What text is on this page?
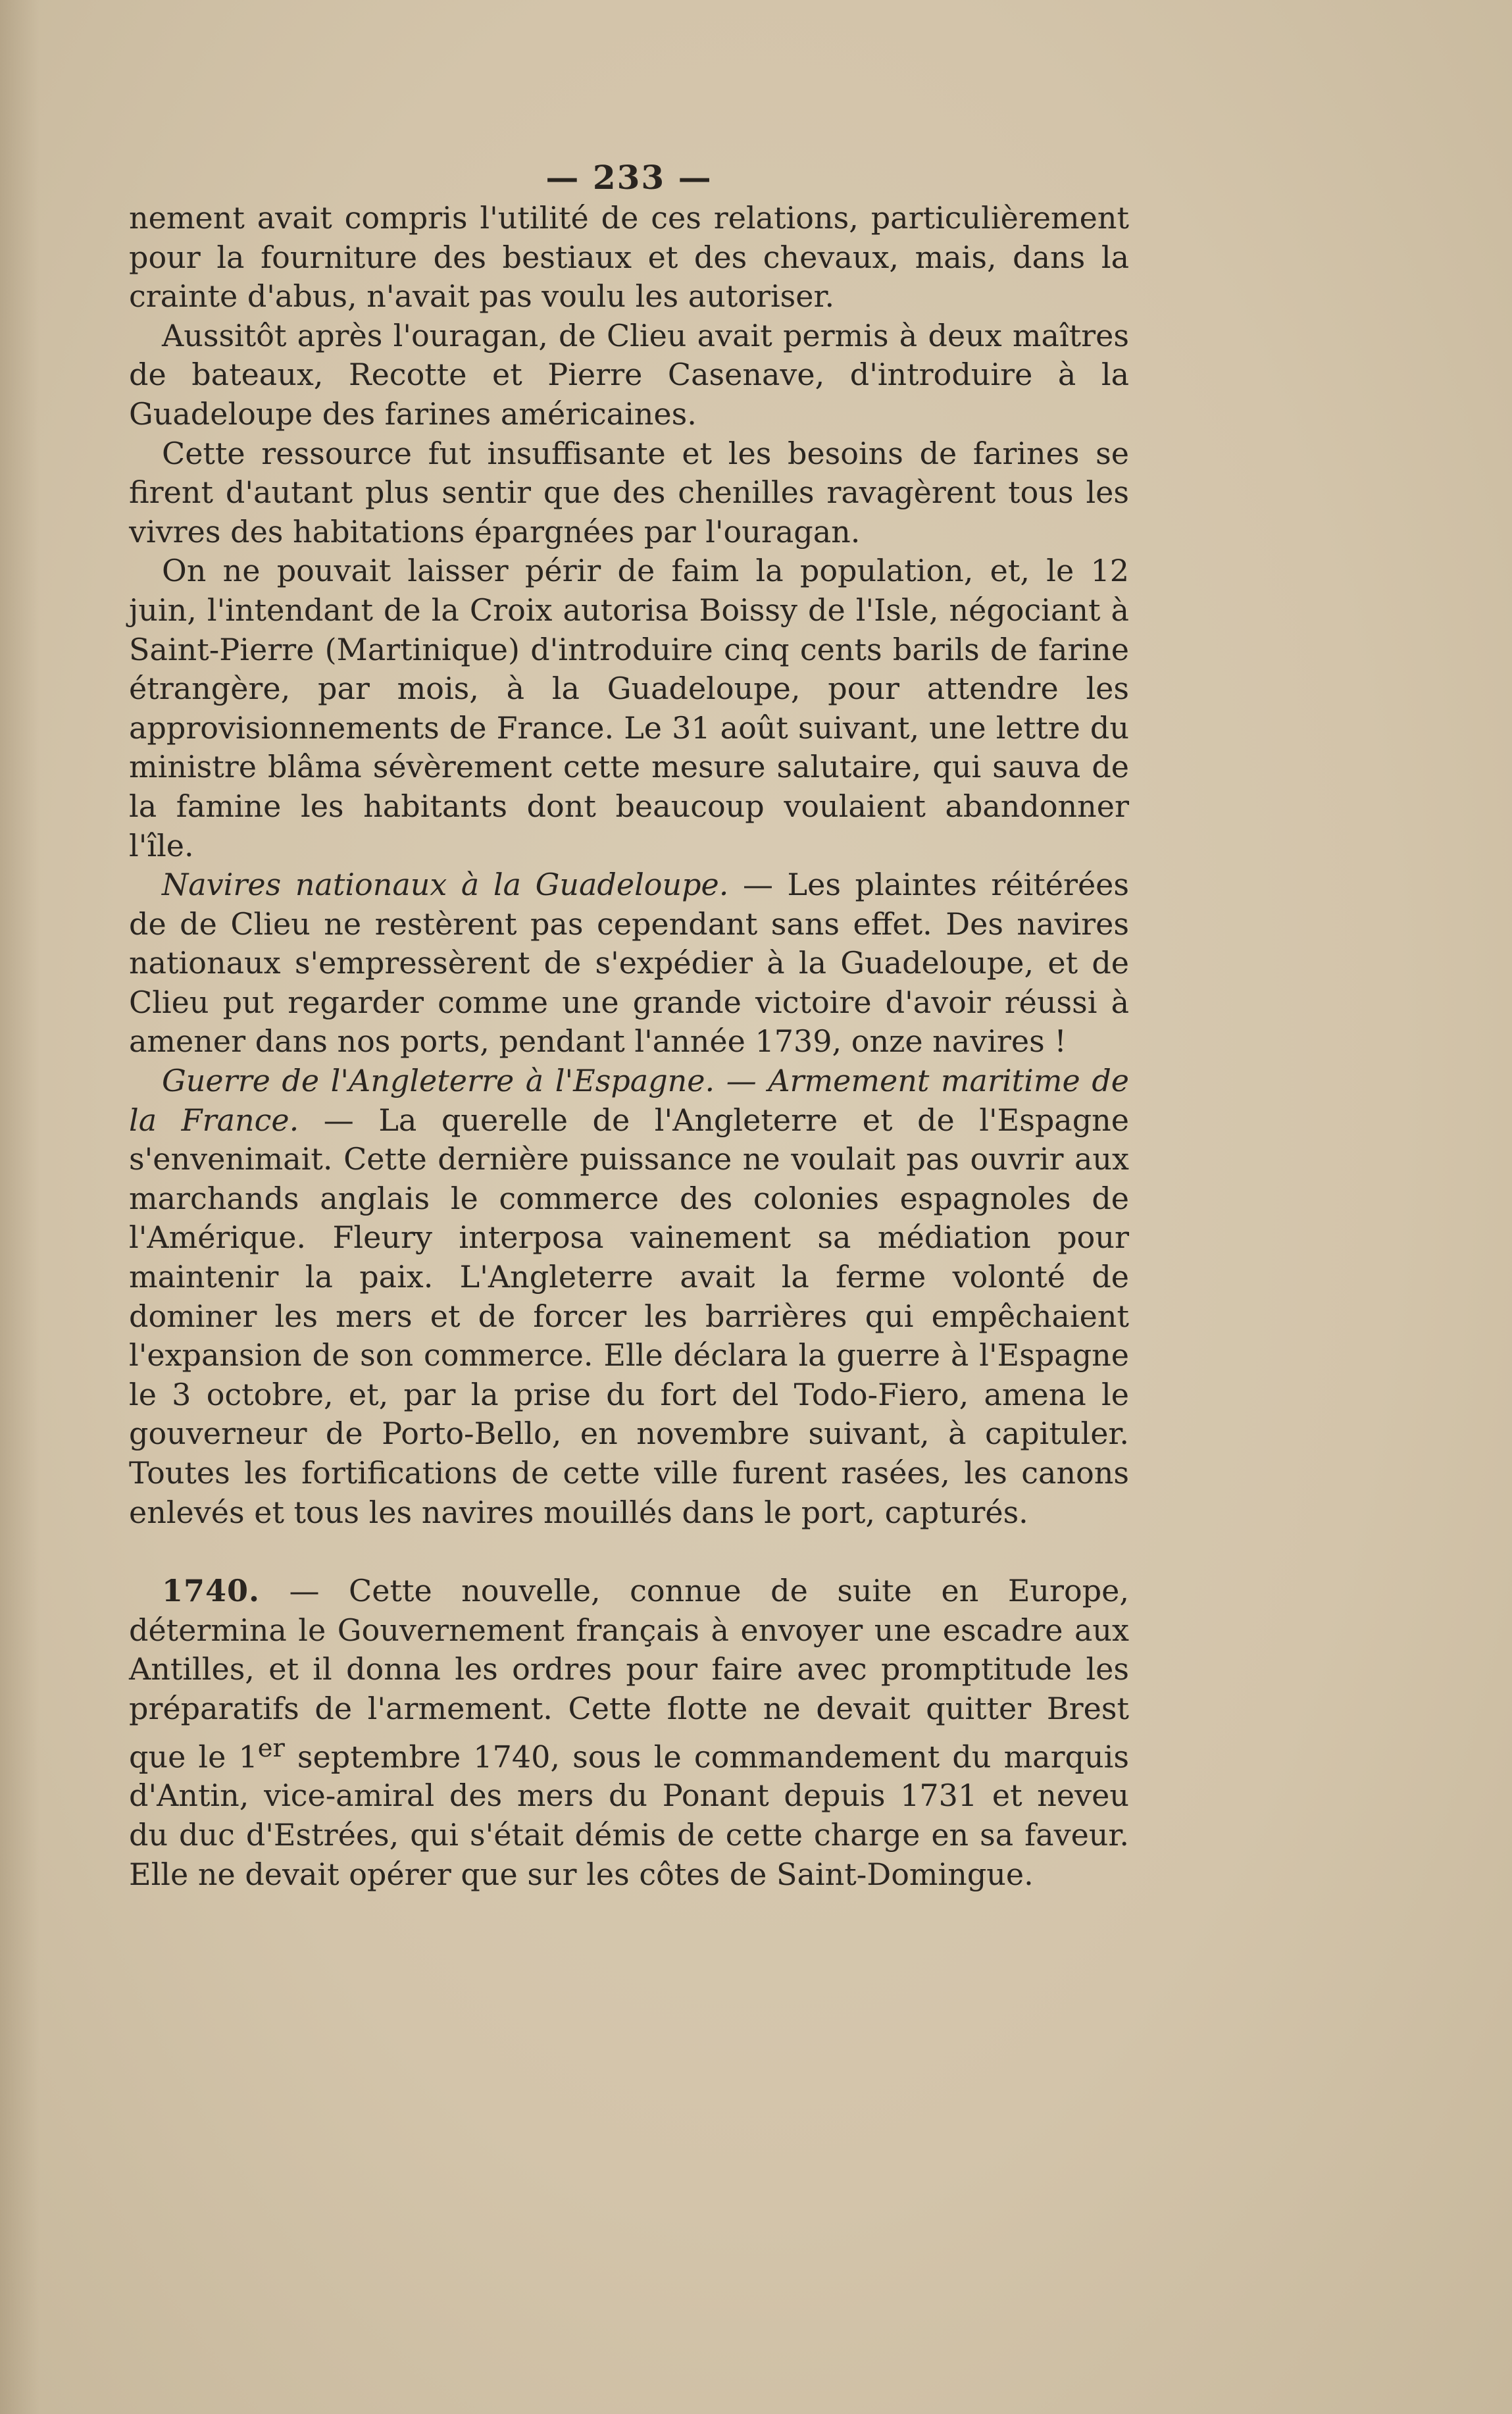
— 233 —

nement avait compris l'utilité de ces relations, particulièrement pour la fourniture des bestiaux et des chevaux, mais, dans la crainte d'abus, n'avait pas voulu les autoriser.

Aussitôt après l'ouragan, de Clieu avait permis à deux maîtres de bateaux, Recotte et Pierre Casenave, d'introduire à la Guadeloupe des farines américaines.

Cette ressource fut insuffisante et les besoins de farines se firent d'autant plus sentir que des chenilles ravagèrent tous les vivres des habitations épargnées par l'ouragan.

On ne pouvait laisser périr de faim la population, et, le 12 juin, l'intendant de la Croix autorisa Boissy de l'Isle, négociant à Saint-Pierre (Martinique) d'introduire cinq cents barils de farine étrangère, par mois, à la Guadeloupe, pour attendre les approvisionnements de France. Le 31 août suivant, une lettre du ministre blâma sévèrement cette mesure salutaire, qui sauva de la famine les habitants dont beaucoup voulaient abandonner l'île.

Navires nationaux à la Guadeloupe. — Les plaintes réitérées de de Clieu ne restèrent pas cependant sans effet. Des navires nationaux s'empressèrent de s'expédier à la Guadeloupe, et de Clieu put regarder comme une grande victoire d'avoir réussi à amener dans nos ports, pendant l'année 1739, onze navires !

Guerre de l'Angleterre à l'Espagne. — Armement maritime de la France. — La querelle de l'Angleterre et de l'Espagne s'envenimait. Cette dernière puissance ne voulait pas ouvrir aux marchands anglais le commerce des colonies espagnoles de l'Amérique. Fleury interposa vainement sa médiation pour maintenir la paix. L'Angleterre avait la ferme volonté de dominer les mers et de forcer les barrières qui empêchaient l'expansion de son commerce. Elle déclara la guerre à l'Espagne le 3 octobre, et, par la prise du fort del Todo-Fiero, amena le gouverneur de Porto-Bello, en novembre suivant, à capituler. Toutes les fortifications de cette ville furent rasées, les canons enlevés et tous les navires mouillés dans le port, capturés.

1740. — Cette nouvelle, connue de suite en Europe, détermina le Gouvernement français à envoyer une escadre aux Antilles, et il donna les ordres pour faire avec promptitude les préparatifs de l'armement. Cette flotte ne devait quitter Brest que le 1er septembre 1740, sous le commandement du marquis d'Antin, vice-amiral des mers du Ponant depuis 1731 et neveu du duc d'Estrées, qui s'était démis de cette charge en sa faveur. Elle ne devait opérer que sur les côtes de Saint-Domingue.
